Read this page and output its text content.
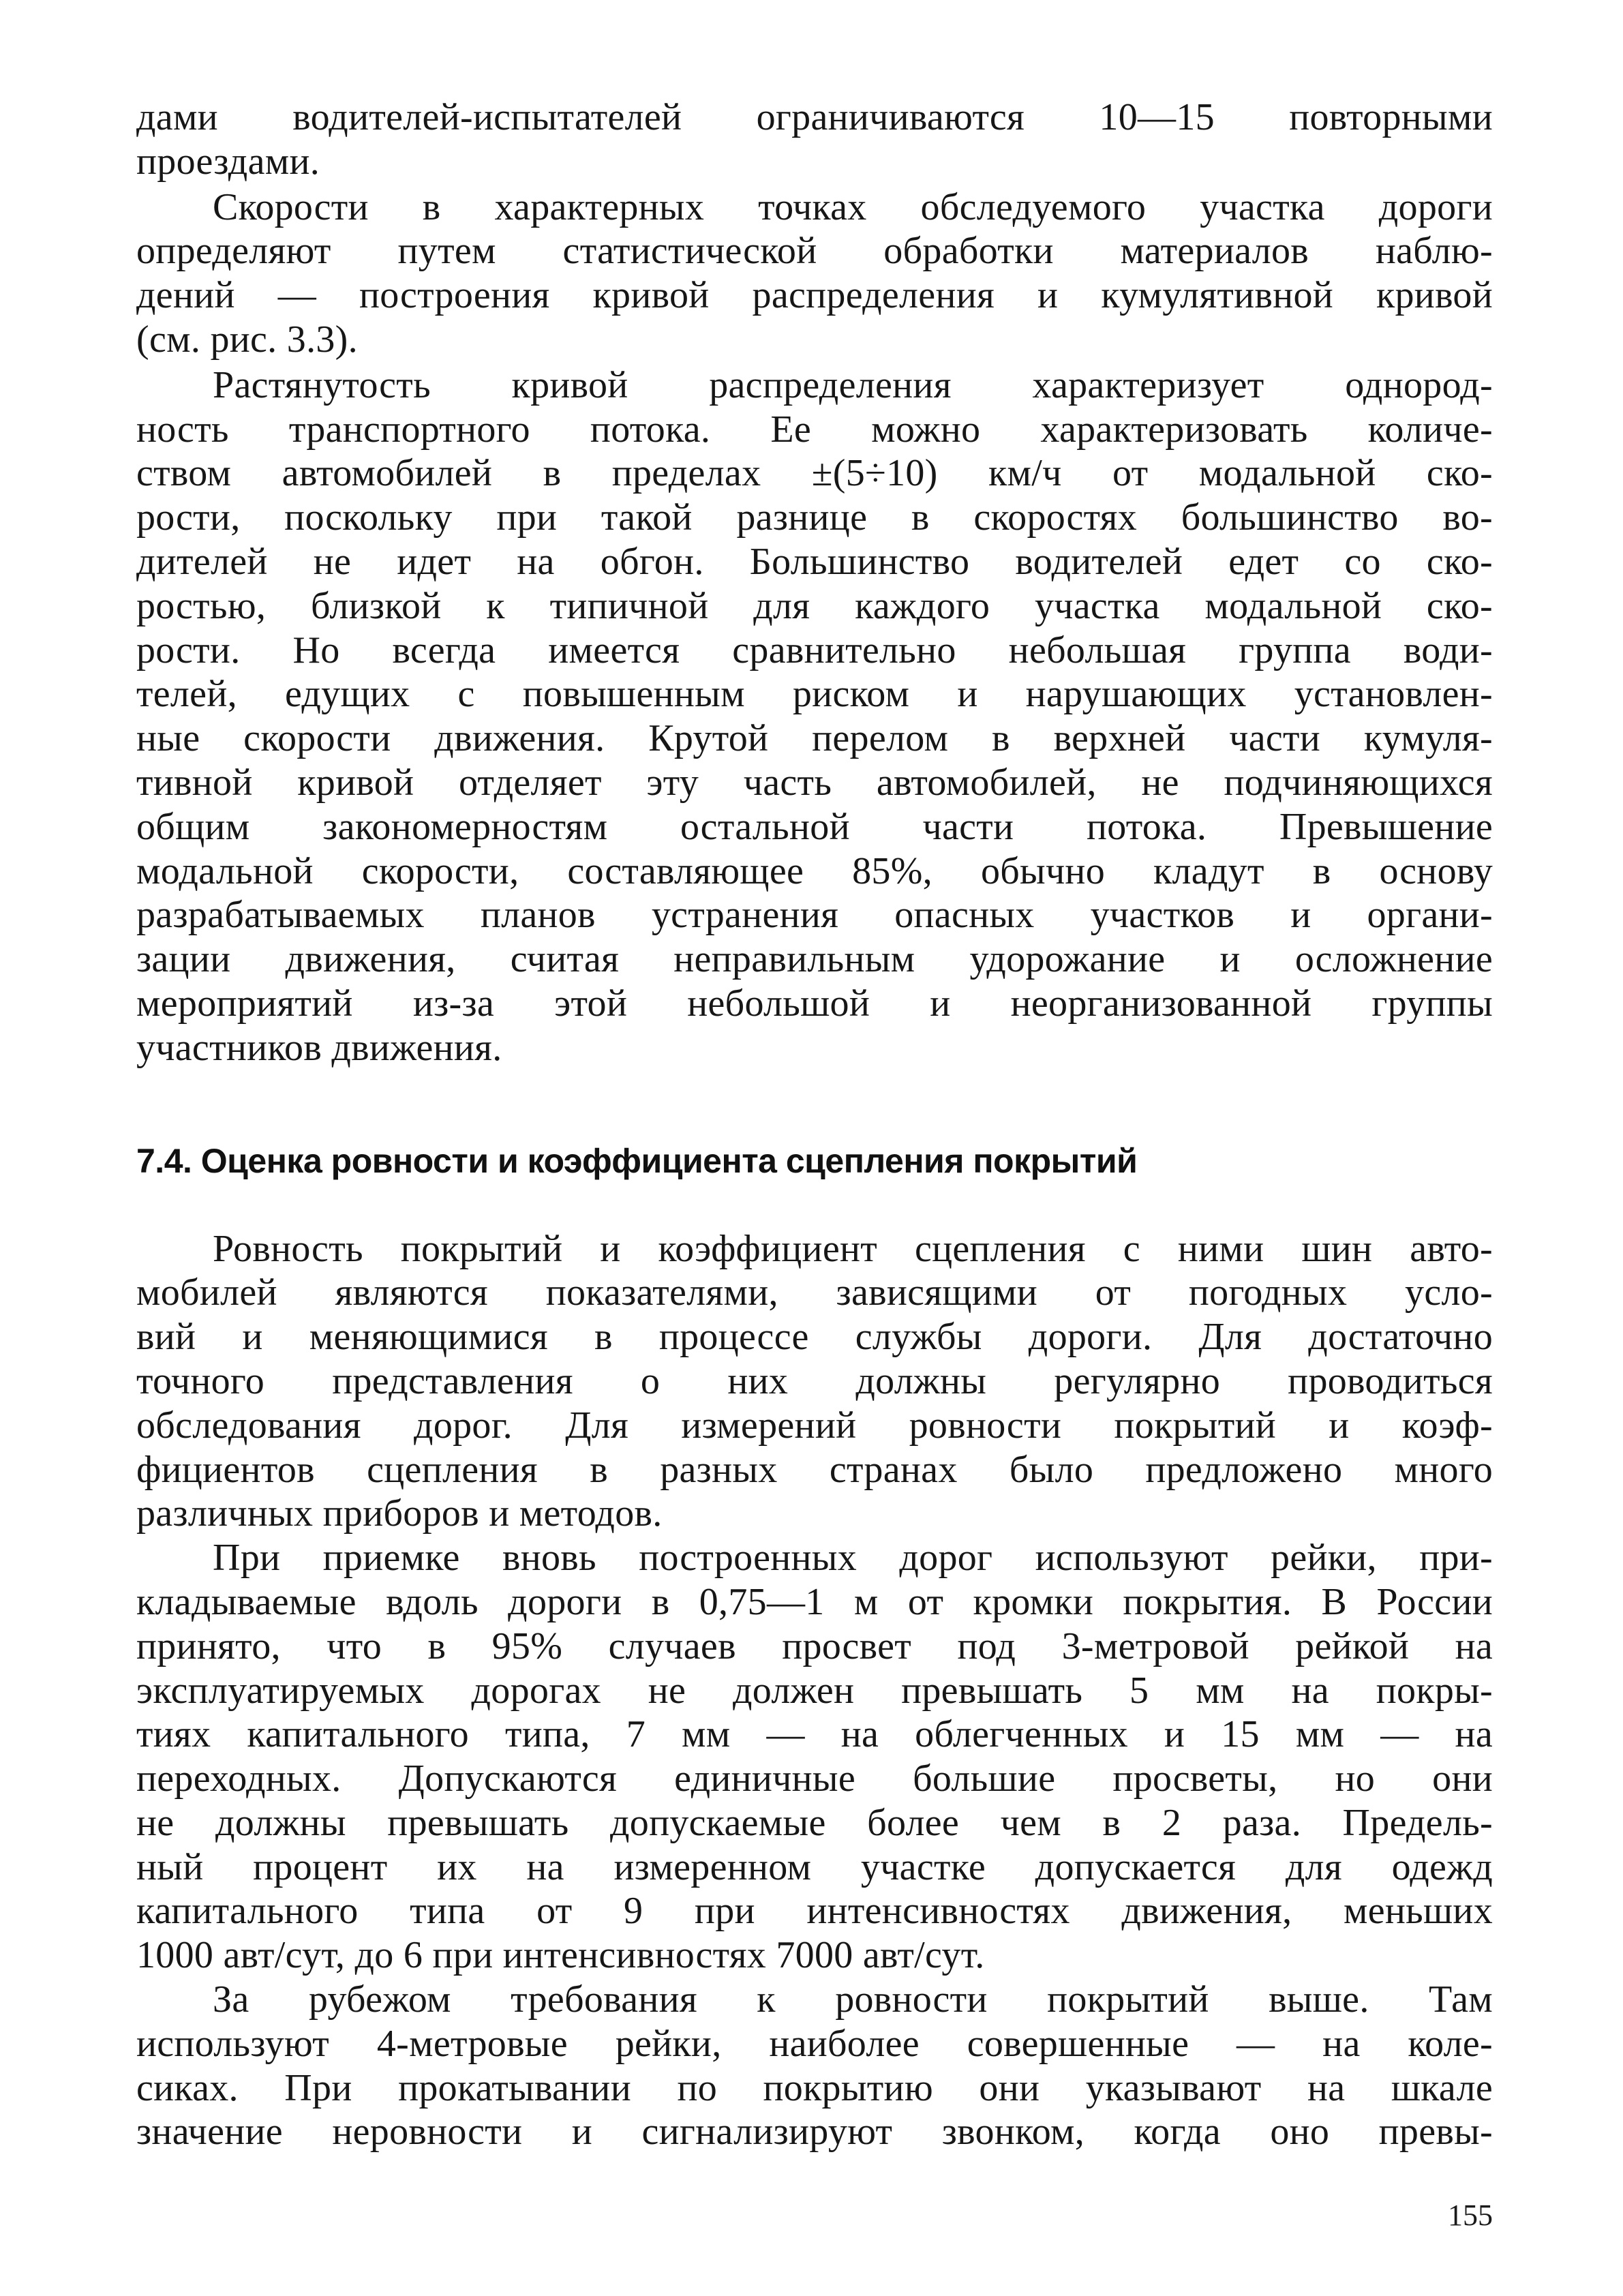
дами водителей-испытателей ограничиваются 10—15 повторными
проездами.

Скорости в характерных точках обследуемого участка дороги
определяют путем статистической обработки материалов наблю-
дений — построения кривой распределения и кумулятивной кривой
(см. рис. 3.3).

Растянутость кривой распределения характеризует однород-
ность транспортного потока. Ее можно характеризовать количе-
ством автомобилей в пределах ±(5÷10) км/ч от модальной ско-
рости, поскольку при такой разнице в скоростях большинство во-
дителей не идет на обгон. Большинство водителей едет со ско-
ростью, близкой к типичной для каждого участка модальной ско-
рости. Но всегда имеется сравнительно небольшая группа води-
телей, едущих с повышенным риском и нарушающих установлен-
ные скорости движения. Крутой перелом в верхней части кумуля-
тивной кривой отделяет эту часть автомобилей, не подчиняющихся
общим закономерностям остальной части потока. Превышение
модальной скорости, составляющее 85%, обычно кладут в основу
разрабатываемых планов устранения опасных участков и органи-
зации движения, считая неправильным удорожание и осложнение
мероприятий из-за этой небольшой и неорганизованной группы
участников движения.

7.4. Оценка ровности и коэффициента сцепления покрытий

Ровность покрытий и коэффициент сцепления с ними шин авто-
мобилей являются показателями, зависящими от погодных усло-
вий и меняющимися в процессе службы дороги. Для достаточно
точного представления о них должны регулярно проводиться
обследования дорог. Для измерений ровности покрытий и коэф-
фициентов сцепления в разных странах было предложено много
различных приборов и методов.

При приемке вновь построенных дорог используют рейки, при-
кладываемые вдоль дороги в 0,75—1 м от кромки покрытия. В России
принято, что в 95% случаев просвет под 3-метровой рейкой на
эксплуатируемых дорогах не должен превышать 5 мм на покры-
тиях капитального типа, 7 мм — на облегченных и 15 мм — на
переходных. Допускаются единичные большие просветы, но они
не должны превышать допускаемые более чем в 2 раза. Предель-
ный процент их на измеренном участке допускается для одежд
капитального типа от 9 при интенсивностях движения, меньших
1000 авт/сут, до 6 при интенсивностях 7000 авт/сут.

За рубежом требования к ровности покрытий выше. Там
используют 4-метровые рейки, наиболее совершенные — на коле-
сиках. При прокатывании по покрытию они указывают на шкале
значение неровности и сигнализируют звонком, когда оно превы-

155
